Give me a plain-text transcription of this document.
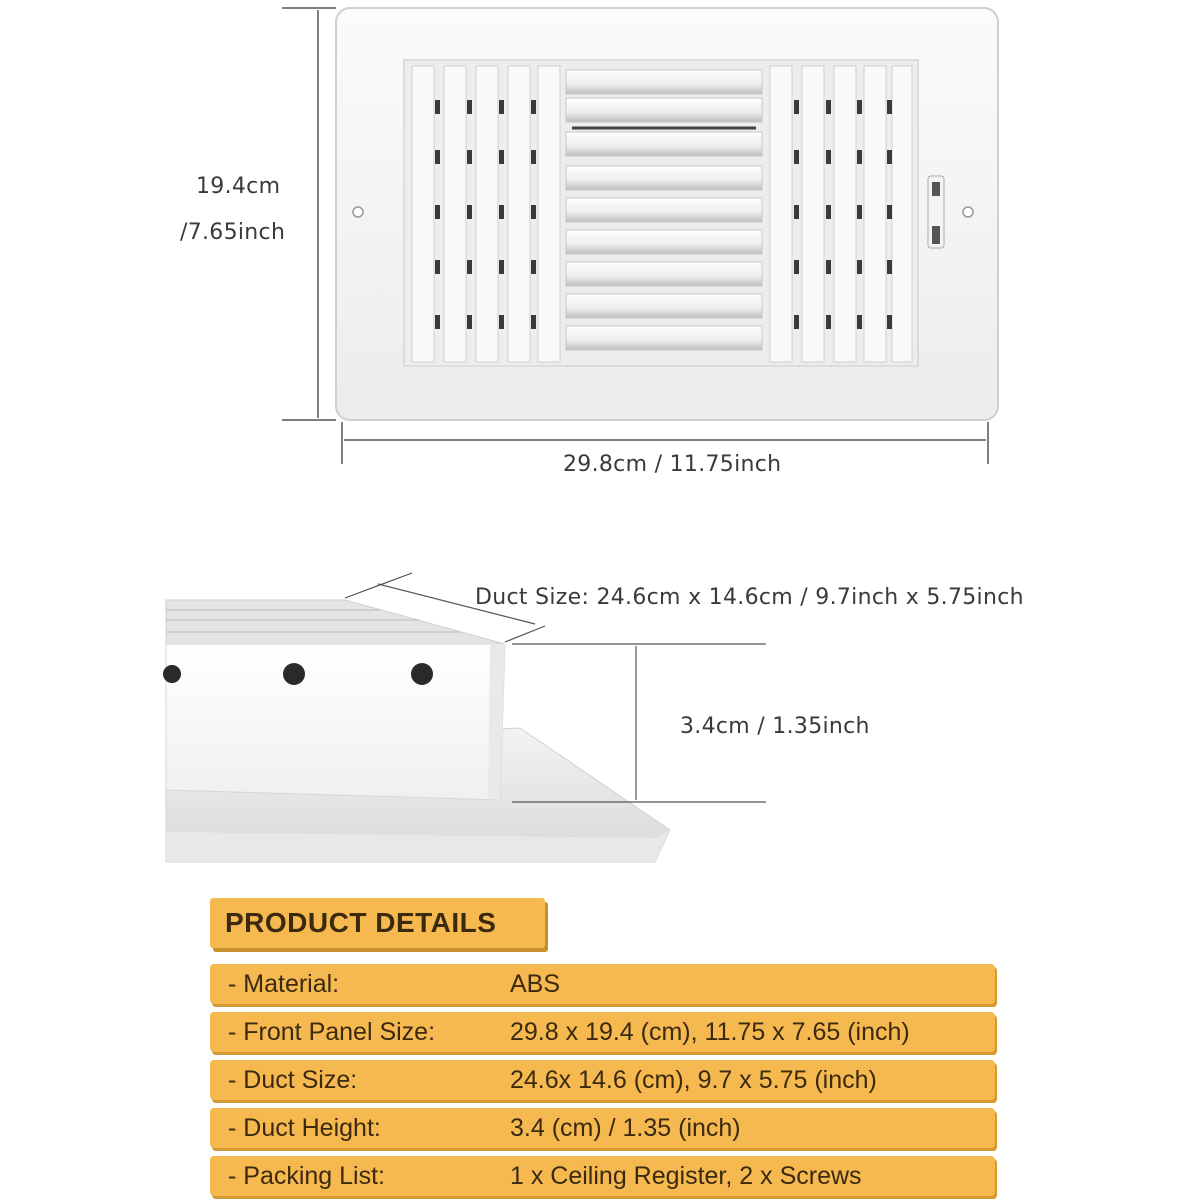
19.4cm
/7.65inch
29.8cm / 11.75inch
Duct Size: 24.6cm x 14.6cm / 9.7inch x 5.75inch
3.4cm / 1.35inch
PRODUCT DETAILS
- Material:	ABS
- Front Panel Size:	29.8 x 19.4 (cm), 11.75 x 7.65 (inch)
- Duct Size:	24.6x 14.6 (cm), 9.7 x 5.75 (inch)
- Duct Height:	3.4 (cm) / 1.35 (inch)
- Packing List:	1 x Ceiling Register, 2 x Screws
